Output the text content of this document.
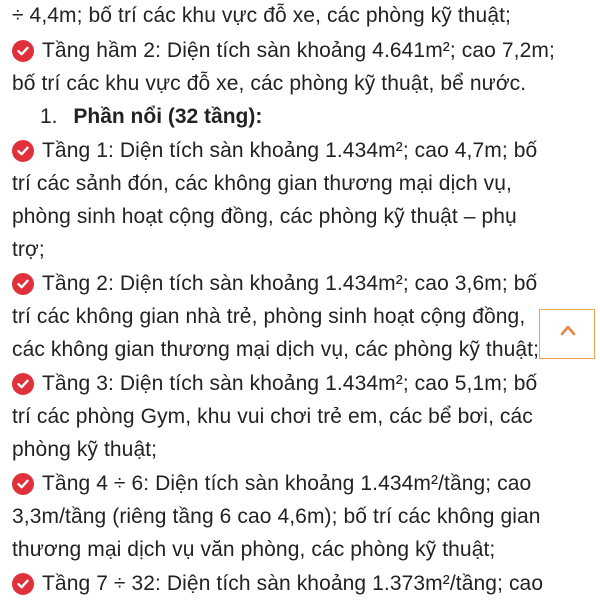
÷ 4,4m; bố trí các khu vực đỗ xe, các phòng kỹ thuật;
Tầng hầm 2: Diện tích sàn khoảng 4.641m²; cao 7,2m;
bố trí các khu vực đỗ xe, các phòng kỹ thuật, bể nước.
1. Phần nổi (32 tầng):
Tầng 1: Diện tích sàn khoảng 1.434m²; cao 4,7m; bố
trí các sảnh đón, các không gian thương mại dịch vụ,
phòng sinh hoạt cộng đồng, các phòng kỹ thuật – phụ
trợ;
Tầng 2: Diện tích sàn khoảng 1.434m²; cao 3,6m; bố
trí các không gian nhà trẻ, phòng sinh hoạt cộng đồng,
các không gian thương mại dịch vụ, các phòng kỹ thuật;
Tầng 3: Diện tích sàn khoảng 1.434m²; cao 5,1m; bố
trí các phòng Gym, khu vui chơi trẻ em, các bể bơi, các
phòng kỹ thuật;
Tầng 4 ÷ 6: Diện tích sàn khoảng 1.434m²/tầng; cao
3,3m/tầng (riêng tầng 6 cao 4,6m); bố trí các không gian
thương mại dịch vụ văn phòng, các phòng kỹ thuật;
Tầng 7 ÷ 32: Diện tích sàn khoảng 1.373m²/tầng; cao
